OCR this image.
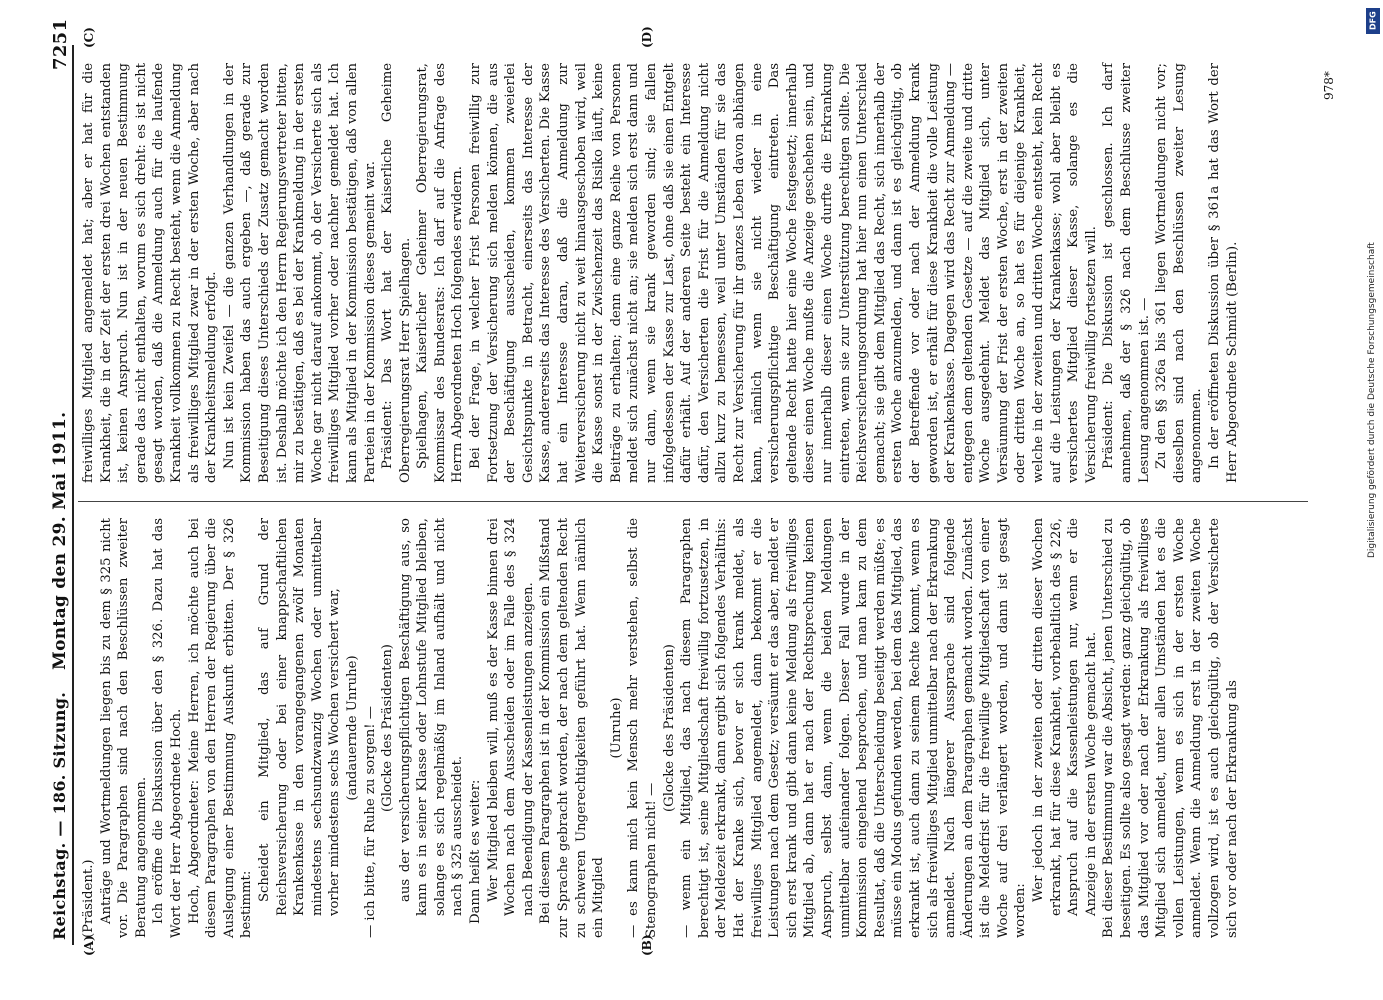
Reichstag. — 186. Sitzung.
Montag den 29. Mai 1911.
7251
(A)	(B)
(C)	(D)

(Präsident.) Anträge und Wortmeldungen liegen bis zu dem § 325 nicht vor. Die Paragraphen sind nach den Beschlüssen zweiter Beratung angenommen. Ich eröffne die Diskussion über den § 326. Dazu hat das Wort der Herr Abgeordnete Hoch. Hoch, Abgeordneter: Meine Herren, ich möchte auch bei diesem Paragraphen von den Herren der Regierung über die Auslegung einer Bestimmung Auskunft erbitten. Der § 326 bestimmt:

Scheidet ein Mitglied, das auf Grund der Reichsversicherung oder bei einer knappschaftlichen Krankenkasse in den vorangegangenen zwölf Monaten mindestens sechsundzwanzig Wochen oder unmittelbar vorher mindestens sechs Wochen versichert war, (andauernde Unruhe) — ich bitte, für Ruhe zu sorgen! — (Glocke des Präsidenten) aus der versicherungspflichtigen Beschäftigung aus, so kann es in seiner Klasse oder Lohnstufe Mitglied bleiben, solange es sich regelmäßig im Inland aufhält und nicht nach § 325 ausscheidet. Dann heißt es weiter: Wer Mitglied bleiben will, muß es der Kasse binnen drei Wochen nach dem Ausscheiden oder im Falle des § 324 nach Beendigung der Kassenleistungen anzeigen. Bei diesem Paragraphen ist in der Kommission ein Mißstand zur Sprache gebracht worden, der nach dem geltenden Recht zu schweren Ungerechtigkeiten geführt hat. Wenn nämlich ein Mitglied

(Unruhe) — es kann mich kein Mensch mehr verstehen, selbst die Stenographen nicht! —

(Glocke des Präsidenten) — wenn ein Mitglied, das nach diesem Paragraphen berechtigt ist, seine Mitgliedschaft freiwillig fortzusetzen, in der Meldezeit erkrankt, dann ergibt sich folgendes Verhältnis: Hat der Kranke sich, bevor er sich krank meldet, als freiwilliges Mitglied angemeldet, dann bekommt er die Leistungen nach dem Gesetz; versäumt er das aber, meldet er sich erst krank und gibt dann keine Meldung als freiwilliges Mitglied ab, dann hat er nach der Rechtsprechung keinen Anspruch, selbst dann, wenn die beiden Meldungen unmittelbar aufeinander folgen. Dieser Fall wurde in der Kommission eingehend besprochen, und man kam zu dem Resultat, daß die Unterscheidung beseitigt werden müßte; es müsse ein Modus gefunden werden, bei dem das Mitglied, das erkrankt ist, auch dann zu seinem Rechte kommt, wenn es sich als freiwilliges Mitglied unmittelbar nach der Erkrankung anmeldet. Nach längerer Aussprache sind folgende Änderungen an dem Paragraphen gemacht worden. Zunächst ist die Meldefrist für die freiwillige Mitgliedschaft von einer Woche auf drei verlängert worden, und dann ist gesagt worden:

Wer jedoch in der zweiten oder dritten dieser Wochen erkrankt, hat für diese Krankheit, vorbehaltlich des § 226, Anspruch auf die Kassenleistungen nur, wenn er die Anzeige in der ersten Woche gemacht hat. Bei dieser Bestimmung war die Absicht, jenen Unterschied zu beseitigen. Es sollte also gesagt werden: ganz gleichgültig, ob das Mitglied vor oder nach der Erkrankung als freiwilliges Mitglied sich anmeldet, unter allen Umständen hat es die vollen Leistungen, wenn es sich in der ersten Woche anmeldet. Wenn die Anmeldung erst in der zweiten Woche vollzogen wird, ist es auch gleichgültig, ob der Versicherte sich vor oder nach der Erkrankung als

freiwilliges Mitglied angemeldet hat; aber er hat für die Krankheit, die in der Zeit der ersten drei Wochen entstanden ist, keinen Anspruch. Nun ist in der neuen Bestimmung gerade das nicht enthalten, worum es sich dreht: es ist nicht gesagt worden, daß die Anmeldung auch für die laufende Krankheit vollkommen zu Recht besteht, wenn die Anmeldung als freiwilliges Mitglied zwar in der ersten Woche, aber nach der Krankheitsmeldung erfolgt. Nun ist kein Zweifel — die ganzen Verhandlungen in der Kommission haben das auch ergeben —, daß gerade zur Beseitigung dieses Unterschieds der Zusatz gemacht worden ist. Deshalb möchte ich den Herrn Regierungsvertreter bitten, mir zu bestätigen, daß es bei der Krankmeldung in der ersten Woche gar nicht darauf ankommt, ob der Versicherte sich als freiwilliges Mitglied vorher oder nachher gemeldet hat. Ich kann als Mitglied in der Kommission bestätigen, daß von allen Parteien in der Kommission dieses gemeint war. Präsident: Das Wort hat der Kaiserliche Geheime Oberregierungsrat Herr Spielhagen. Spielhagen, Kaiserlicher Geheimer Oberregierungsrat, Kommissar des Bundesrats: Ich darf auf die Anfrage des Herrn Abgeordneten Hoch folgendes erwidern. Bei der Frage, in welcher Frist Personen freiwillig zur Fortsetzung der Versicherung sich melden können, die aus der Beschäftigung ausscheiden, kommen zweierlei Gesichtspunkte in Betracht, einerseits das Interesse der Kasse, andererseits das Interesse des Versicherten. Die Kasse hat ein Interesse daran, daß die Anmeldung zur Weiterversicherung nicht zu weit hinausgeschoben wird, weil die Kasse sonst in der Zwischenzeit das Risiko läuft, keine Beiträge zu erhalten; denn eine ganze Reihe von Personen meldet sich zunächst nicht an; sie melden sich erst dann und nur dann, wenn sie krank geworden sind; sie fallen infolgedessen der Kasse zur Last, ohne daß sie einen Entgelt dafür erhält. Auf der anderen Seite besteht ein Interesse dafür, den Versicherten die Frist für die Anmeldung nicht allzu kurz zu bemessen, weil unter Umständen für sie das Recht zur Versicherung für ihr ganzes Leben davon abhängen kann, nämlich wenn sie nicht wieder in eine versicherungspflichtige Beschäftigung eintreten. Das geltende Recht hatte hier eine Woche festgesetzt; innerhalb dieser einen Woche mußte die Anzeige geschehen sein, und nur innerhalb dieser einen Woche durfte die Erkrankung eintreten, wenn sie zur Unterstützung berechtigen sollte. Die Reichsversicherungsordnung hat hier nun einen Unterschied gemacht; sie gibt dem Mitglied das Recht, sich innerhalb der ersten Woche anzumelden, und dann ist es gleichgültig, ob der Betreffende vor oder nach der Anmeldung krank geworden ist, er erhält für diese Krankheit die volle Leistung der Krankenkasse. Dagegen wird das Recht zur Anmeldung — entgegen dem geltenden Gesetze — auf die zweite und dritte Woche ausgedehnt. Meldet das Mitglied sich, unter Versäumung der Frist der ersten Woche, erst in der zweiten oder dritten Woche an, so hat es für diejenige Krankheit, welche in der zweiten und dritten Woche entsteht, kein Recht auf die Leistungen der Krankenkasse; wohl aber bleibt es versichertes Mitglied dieser Kasse, solange es die Versicherung freiwillig fortsetzen will. Präsident: Die Diskussion ist geschlossen. Ich darf annehmen, daß der § 326 nach dem Beschlusse zweiter Lesung angenommen ist. — Zu den §§ 326a bis 361 liegen Wortmeldungen nicht vor; dieselben sind nach den Beschlüssen zweiter Lesung angenommen. In der eröffneten Diskussion über § 361a hat das Wort der Herr Abgeordnete Schmidt (Berlin).

978*
DFG
Digitalisierung gefördert durch die Deutsche Forschungsgemeinschaft
